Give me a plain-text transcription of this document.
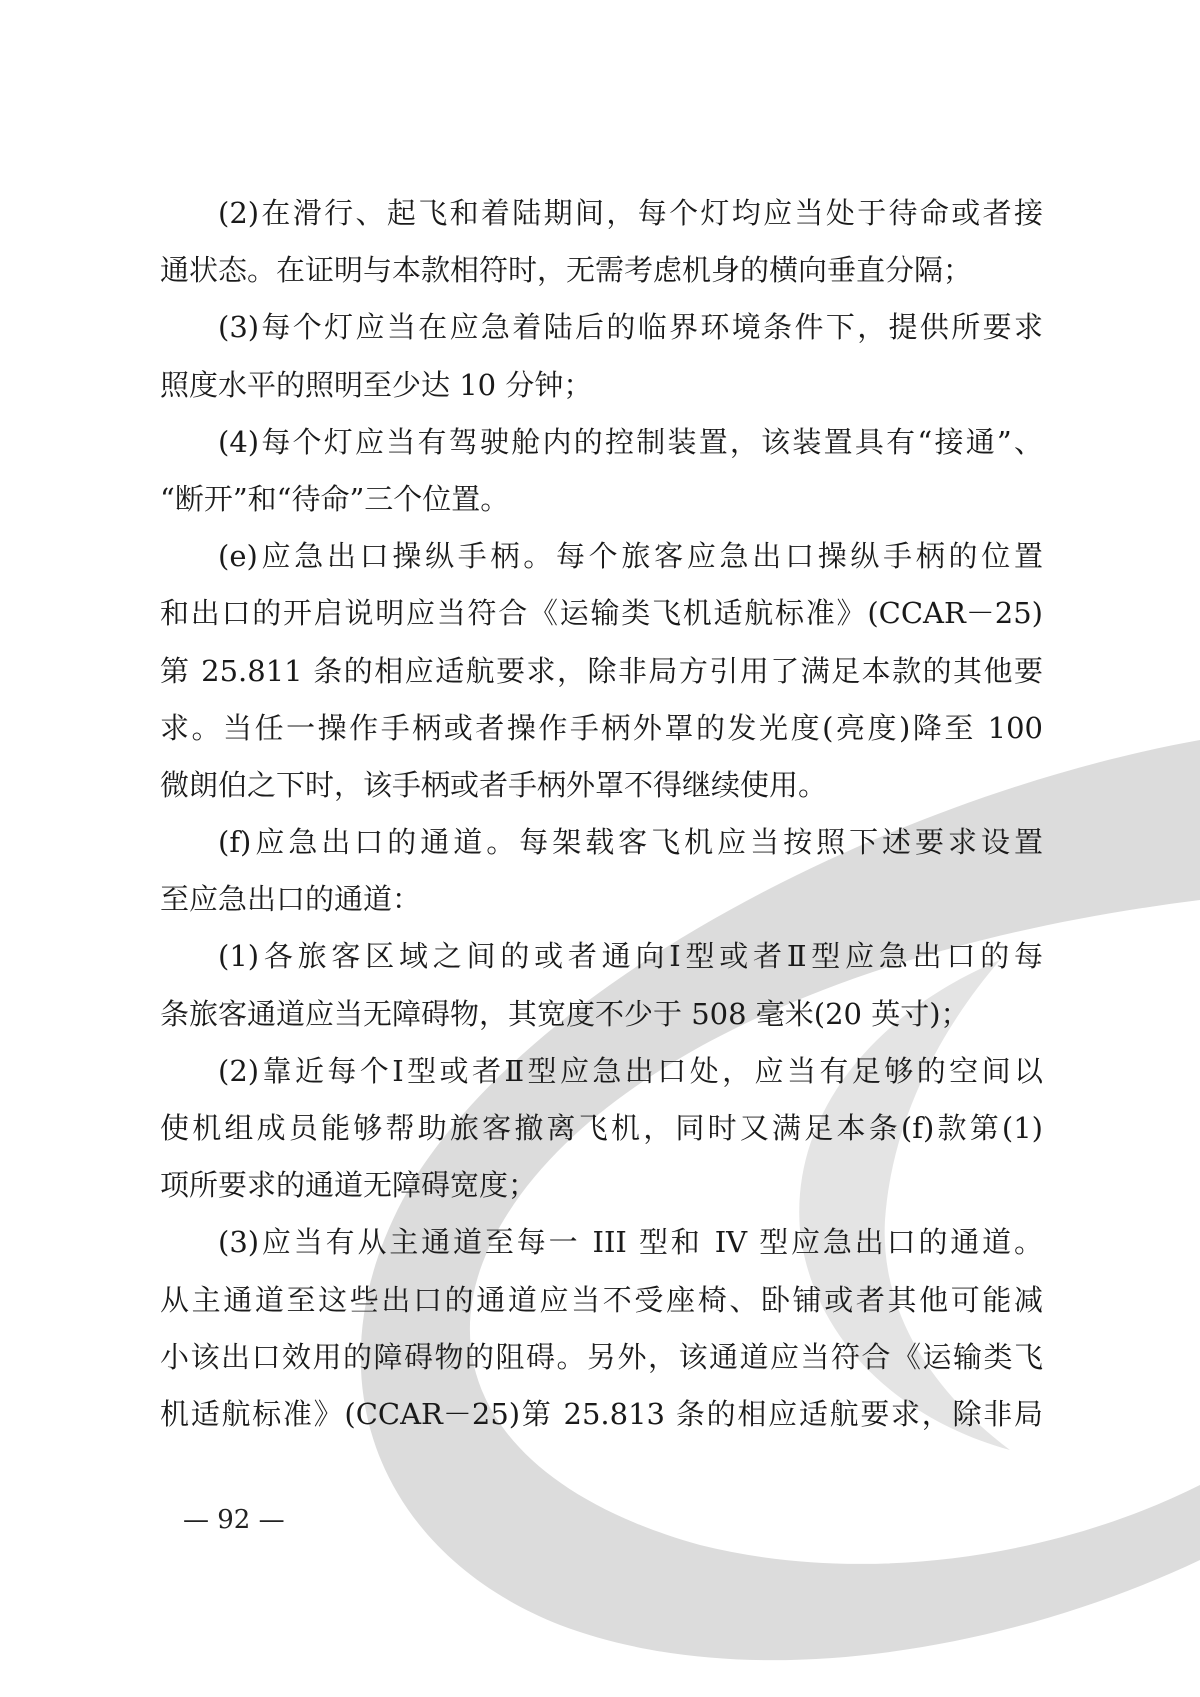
(2)在滑行、起飞和着陆期间，每个灯均应当处于待命或者接
通状态。在证明与本款相符时，无需考虑机身的横向垂直分隔；
(3)每个灯应当在应急着陆后的临界环境条件下，提供所要求
照度水平的照明至少达 10 分钟；
(4)每个灯应当有驾驶舱内的控制装置，该装置具有“接通”、
“断开”和“待命”三个位置。
(e)应急出口操纵手柄。每个旅客应急出口操纵手柄的位置
和出口的开启说明应当符合《运输类飞机适航标准》(CCAR－25)
第 25.811 条的相应适航要求，除非局方引用了满足本款的其他要
求。当任一操作手柄或者操作手柄外罩的发光度(亮度)降至 100
微朗伯之下时，该手柄或者手柄外罩不得继续使用。
(f)应急出口的通道。每架载客飞机应当按照下述要求设置
至应急出口的通道：
(1)各旅客区域之间的或者通向Ⅰ型或者Ⅱ型应急出口的每
条旅客通道应当无障碍物，其宽度不少于 508 毫米(20 英寸)；
(2)靠近每个Ⅰ型或者Ⅱ型应急出口处，应当有足够的空间以
使机组成员能够帮助旅客撤离飞机，同时又满足本条(f)款第(1)
项所要求的通道无障碍宽度；
(3)应当有从主通道至每一 III 型和 IV 型应急出口的通道。
从主通道至这些出口的通道应当不受座椅、卧铺或者其他可能减
小该出口效用的障碍物的阻碍。另外，该通道应当符合《运输类飞
机适航标准》(CCAR－25)第 25.813 条的相应适航要求，除非局
— 92 —
